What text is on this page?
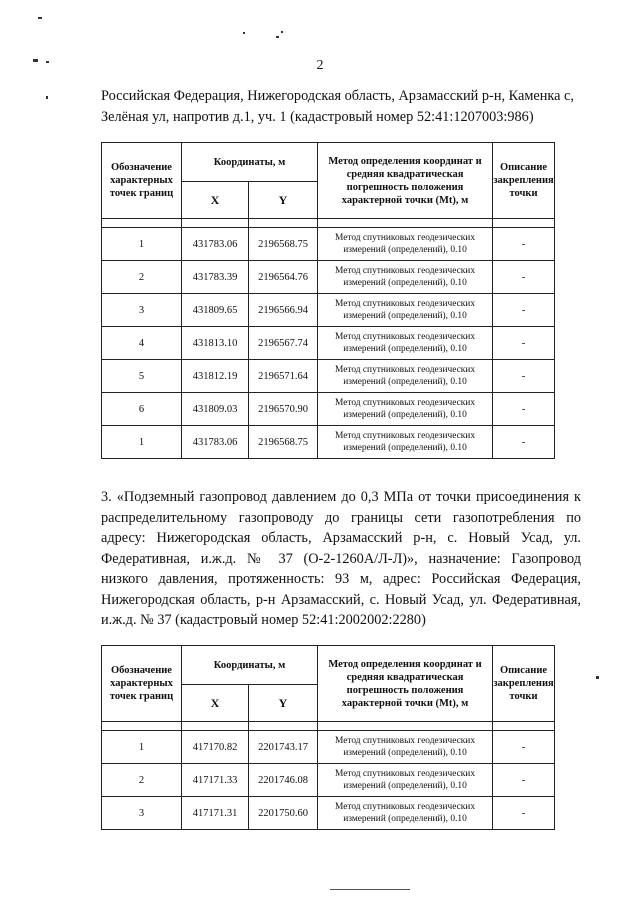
2

Российская Федерация, Нижегородская область, Арзамасский р-н, Каменка с, Зелёная ул, напротив д.1, уч. 1 (кадастровый номер 52:41:1207003:986)

Обозначение характерных точек границ	Координаты, м		Метод определения координат и средняя квадратическая погрешность положения характерной точки (Mt), м	Описание закрепления точки
	X	Y		

1	431783.06	2196568.75	Метод спутниковых геодезических измерений (определений), 0.10	-
2	431783.39	2196564.76	Метод спутниковых геодезических измерений (определений), 0.10	-
3	431809.65	2196566.94	Метод спутниковых геодезических измерений (определений), 0.10	-
4	431813.10	2196567.74	Метод спутниковых геодезических измерений (определений), 0.10	-
5	431812.19	2196571.64	Метод спутниковых геодезических измерений (определений), 0.10	-
6	431809.03	2196570.90	Метод спутниковых геодезических измерений (определений), 0.10	-
1	431783.06	2196568.75	Метод спутниковых геодезических измерений (определений), 0.10	-

3. «Подземный газопровод давлением до 0,3 МПа от точки присоединения к распределительному газопроводу до границы сети газопотребления по адресу: Нижегородская область, Арзамасский р-н, с. Новый Усад, ул. Федеративная, и.ж.д. № 37 (О-2-1260А/Л-Л)», назначение: Газопровод низкого давления, протяженность: 93 м, адрес: Российская Федерация, Нижегородская область, р-н Арзамасский, с. Новый Усад, ул. Федеративная, и.ж.д. № 37 (кадастровый номер 52:41:2002002:2280)

Обозначение характерных точек границ	Координаты, м		Метод определения координат и средняя квадратическая погрешность положения характерной точки (Mt), м	Описание закрепления точки
	X	Y		

1	417170.82	2201743.17	Метод спутниковых геодезических измерений (определений), 0.10	-
2	417171.33	2201746.08	Метод спутниковых геодезических измерений (определений), 0.10	-
3	417171.31	2201750.60	Метод спутниковых геодезических измерений (определений), 0.10	-
